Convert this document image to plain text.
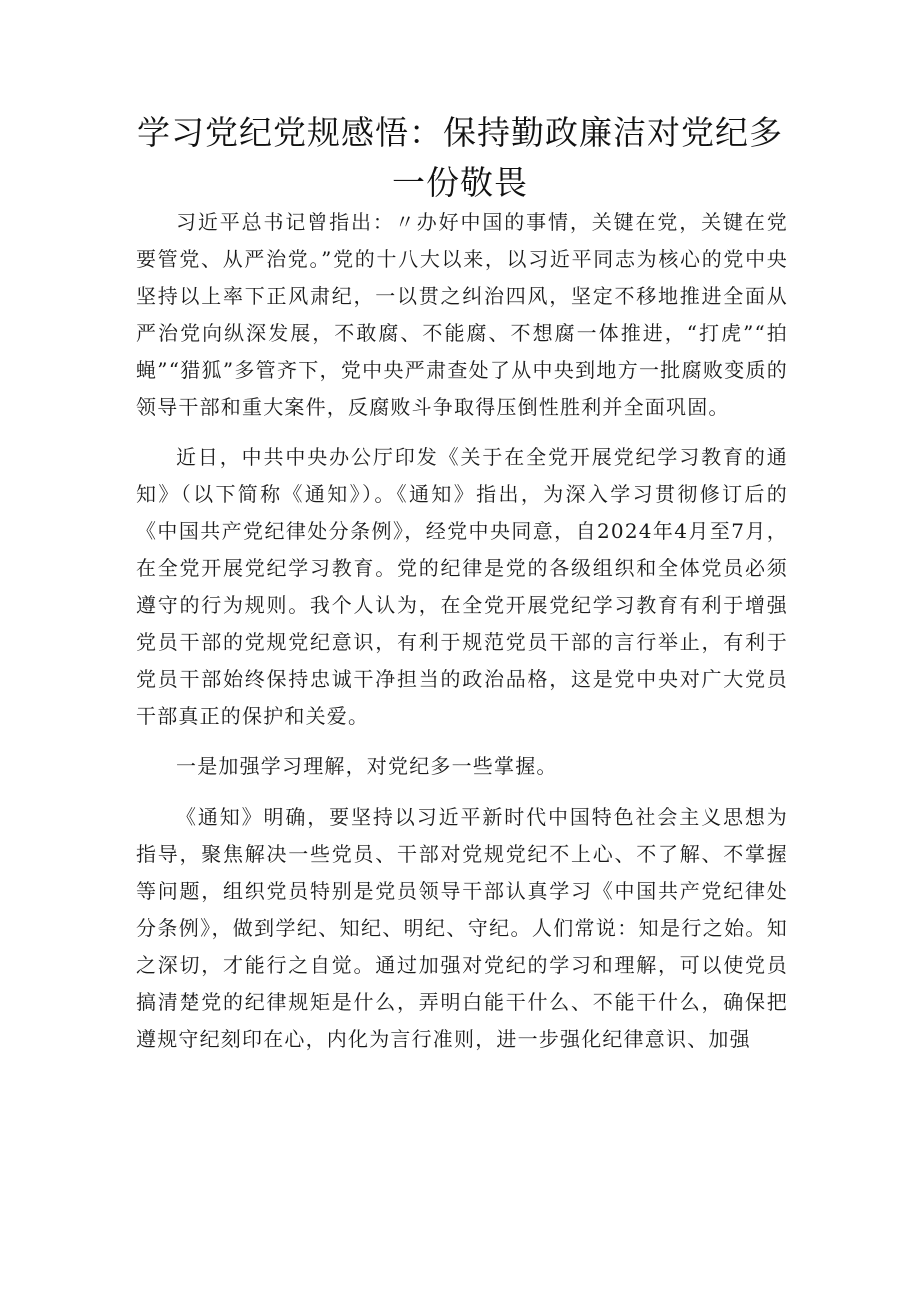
学习党纪党规感悟：保持勤政廉洁对党纪多
一份敬畏

习近平总书记曾指出：〃办好中国的事情，关键在党，关键在党要管党、从严治党。”党的十八大以来，以习近平同志为核心的党中央坚持以上率下正风肃纪，一以贯之纠治四风，坚定不移地推进全面从严治党向纵深发展，不敢腐、不能腐、不想腐一体推进，“打虎”“拍蝇”“猎狐”多管齐下，党中央严肃查处了从中央到地方一批腐败变质的领导干部和重大案件，反腐败斗争取得压倒性胜利并全面巩固。

近日，中共中央办公厅印发《关于在全党开展党纪学习教育的通知》（以下简称《通知》）。《通知》指出，为深入学习贯彻修订后的《中国共产党纪律处分条例》，经党中央同意，自2024年4月至7月，在全党开展党纪学习教育。党的纪律是党的各级组织和全体党员必须遵守的行为规则。我个人认为，在全党开展党纪学习教育有利于增强党员干部的党规党纪意识，有利于规范党员干部的言行举止，有利于党员干部始终保持忠诚干净担当的政治品格，这是党中央对广大党员干部真正的保护和关爱。

一是加强学习理解，对党纪多一些掌握。

《通知》明确，要坚持以习近平新时代中国特色社会主义思想为指导，聚焦解决一些党员、干部对党规党纪不上心、不了解、不掌握等问题，组织党员特别是党员领导干部认真学习《中国共产党纪律处分条例》，做到学纪、知纪、明纪、守纪。人们常说：知是行之始。知之深切，才能行之自觉。通过加强对党纪的学习和理解，可以使党员搞清楚党的纪律规矩是什么，弄明白能干什么、不能干什么，确保把遵规守纪刻印在心，内化为言行准则，进一步强化纪律意识、加强
